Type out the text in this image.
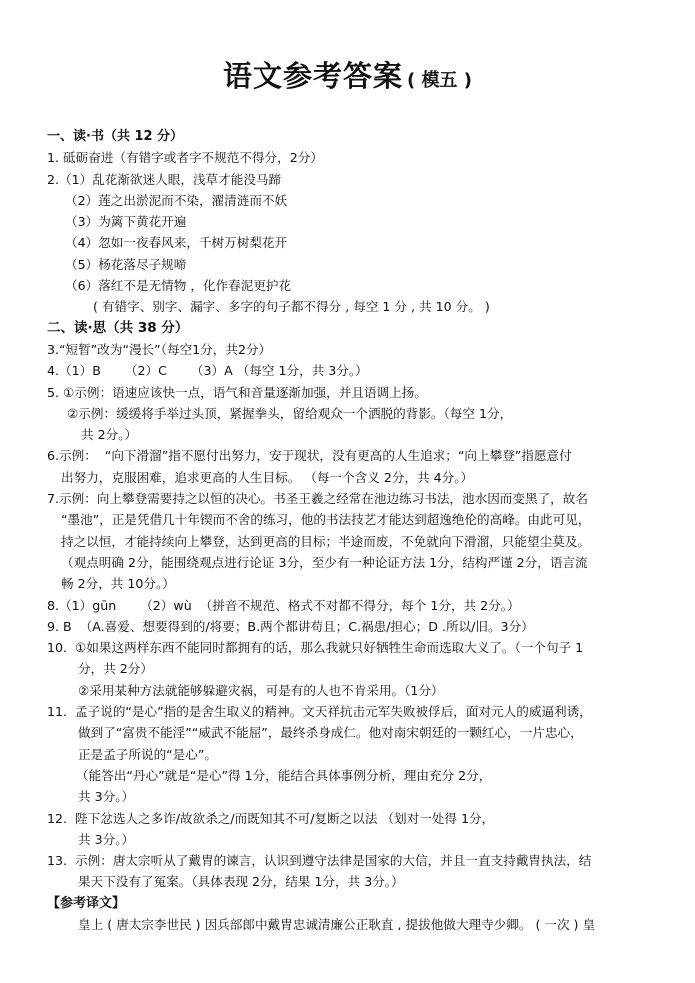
语文参考答案 ( 模五 )
一、读·书（共 12 分）
1. 砥砺奋进（有错字或者字不规范不得分，2分）
2.（1）乱花渐欲迷人眼，浅草才能没马蹄
（2）莲之出淤泥而不染，濯清涟而不妖
（3）为篱下黄花开遍
（4）忽如一夜春风来，千树万树梨花开
（5）杨花落尽子规啼
（6）落红不是无情物 ，化作春泥更护花
( 有错字、别字、漏字、多字的句子都不得分 , 每空 1 分 , 共 10 分。 )
二、读·思（共 38 分）
3.“短暂”改为“漫长”（每空1分，共2分）
4.（1）B      （2）C      （3）A （每空 1分，共 3分。）
5. ①示例：语速应该快一点，语气和音量逐渐加强，并且语调上扬。
②示例：缓缓将手举过头顶，紧握拳头，留给观众一个洒脱的背影。（每空 1分，
共 2分。）
6.示例：  “向下滑溜”指不愿付出努力，安于现状，没有更高的人生追求；“向上攀登”指愿意付
出努力，克服困难，追求更高的人生目标。 （每一个含义 2分，共 4分。）
7.示例：向上攀登需要持之以恒的决心。书圣王羲之经常在池边练习书法，池水因而变黑了，故名
“墨池”，正是凭借几十年锲而不舍的练习，他的书法技艺才能达到超逸绝伦的高峰。由此可见，
持之以恒，才能持续向上攀登，达到更高的目标；半途而废，不免就向下滑溜，只能望尘莫及。
（观点明确 2分，能围绕观点进行论证 3分，至少有一种论证方法 1分，结构严谨 2分，语言流
畅 2分，共 10分。）
8.（1）gūn      （2）wù  （拼音不规范、格式不对都不得分，每个 1分，共 2分。）
9. B  （A.喜爱、想要得到的/将要；B.两个都讲苟且；C.祸患/担心；D .所以/旧。3分）
10.  ①如果这两样东西不能同时都拥有的话，那么我就只好牺牲生命而选取大义了。（一个句子 1
分，共 2分）
②采用某种方法就能够躲避灾祸，可是有的人也不肯采用。（1分）
11.  孟子说的“是心”指的是舍生取义的精神。文天祥抗击元军失败被俘后，面对元人的威逼利诱，
做到了“富贵不能淫”“威武不能屈”，最终杀身成仁。他对南宋朝廷的一颗红心，一片忠心，
正是孟子所说的“是心”。
（能答出“丹心”就是“是心”得 1分，能结合具体事例分析，理由充分 2分，
共 3分。）
12.  陛下忿选人之多诈/故欲杀之/而既知其不可/复断之以法 （划对一处得 1分，
共 3分。）
13.  示例：唐太宗听从了戴胄的谏言，认识到遵守法律是国家的大信，并且一直支持戴胄执法，结
果天下没有了冤案。（具体表现 2分，结果 1分，共 3分。）
【参考译文】
皇上 ( 唐太宗李世民 ) 因兵部郎中戴胄忠诚清廉公正耿直 , 提拔他做大理寺少卿。 ( 一次 ) 皇
